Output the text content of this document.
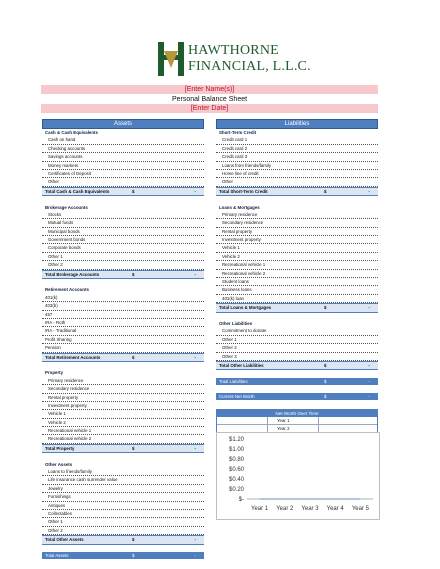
HAWTHORNE
FINANCIAL, L.L.C.
[Enter Name(s)]
Personal Balance Sheet
[Enter Date]
Assets
Cash & Cash Equivalents
Cash on hand
Checking accounts
Savings accounts
Money markets
Certificates of Deposit
Other
Total Cash & Cash Equivalents	$	-
Brokerage Accounts
Stocks
Mutual funds
Municipal bonds
Government bonds
Corporate bonds
Other 1
Other 2
Total Brokerage Accounts	$	-
Retirement Accounts
401(k)
403(b)
457
IRA - Roth
IRA - Traditional
Profit Sharing
Pension
Total Retirement Accounts	$	-
Property
Primary residence
Secondary residence
Rental property
Investment property
Vehicle 1
Vehicle 2
Recreational vehicle 1
Recreational vehicle 2
Total Property	$	-
Other Assets
Loans to friends/family
Life insurance cash surrender value
Jewelry
Furnishings
Antiques
Collectables
Other 1
Other 2
Total Other Assets	$	-
Total Assets	$	-
Liabilities
Short-Term Credit
Credit card 1
Credit card 2
Credit card 3
Loans from friends/family
Home line of credit
Other
Total Short-Term Credit	$	-
Loans & Mortgages
Primary residence
Secondary residence
Rental property
Investment property
Vehicle 1
Vehicle 2
Recreational vehicle 1
Recreational vehicle 2
Student loans
Business loans
401(k) loan
Total Loans & Mortgages	$	-
Other Liabilities
Commitment to donate
Other 1
Other 2
Other 3
Total Other Liabilities	$	-
Total Liabilities	$	-
Current Net Worth	$	-
Net Worth Over Time
Year 1
Year 2
$1.20
$1.00
$0.80
$0.60
$0.40
$0.20
$-
Year 1 Year 2 Year 3 Year 4 Year 5
